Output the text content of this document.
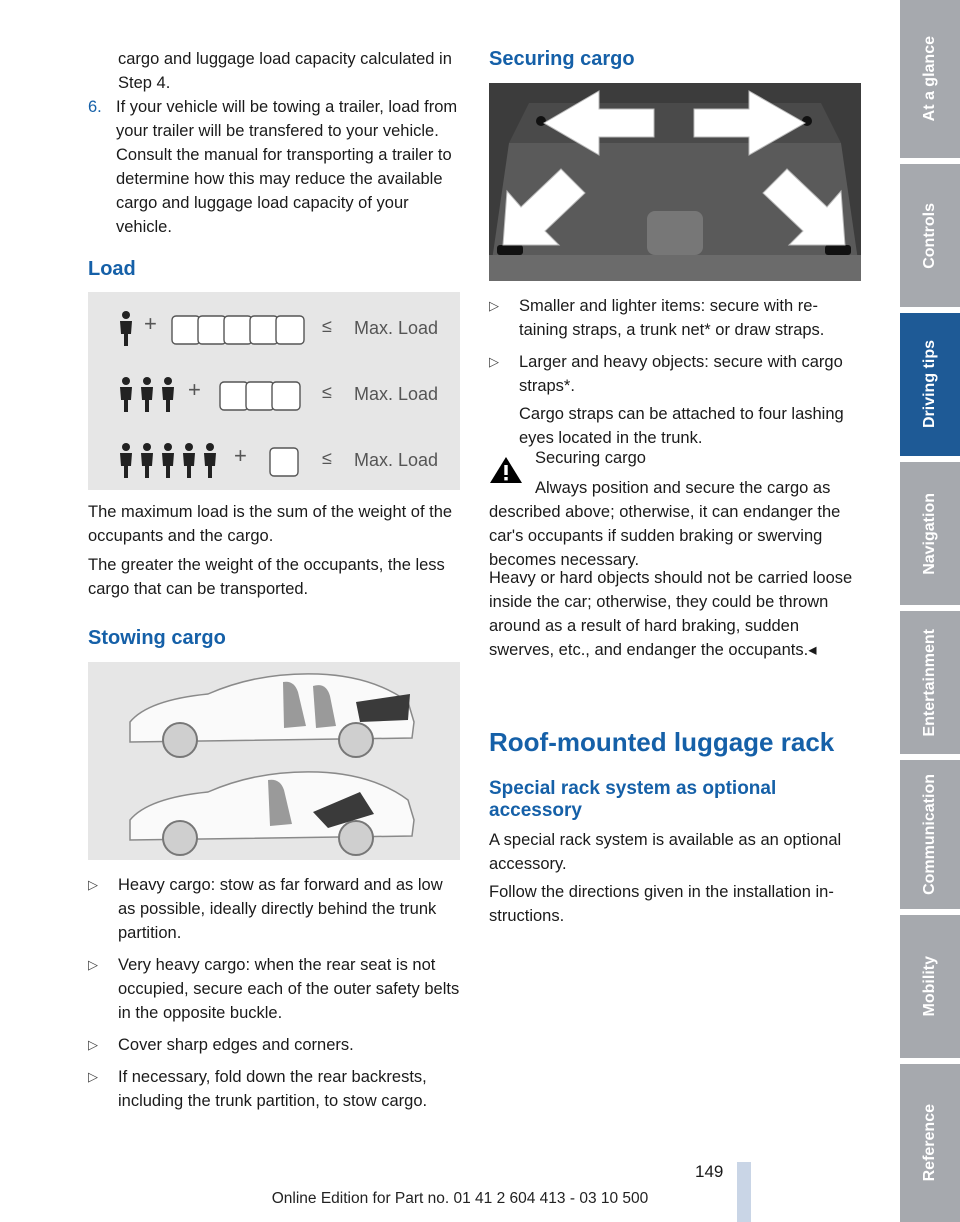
cargo and luggage load capacity calculated in Step 4.

6. If your vehicle will be towing a trailer, load from your trailer will be transfered to your vehicle. Consult the manual for transporting a trailer to determine how this may reduce the available cargo and luggage load capacity of your vehicle.
Load
+	≤ Max. Load
+	≤ Max. Load
+	≤ Max. Load

The maximum load is the sum of the weight of the occupants and the cargo.

The greater the weight of the occupants, the less cargo that can be transported.

Stowing cargo
▷	Heavy cargo: stow as far forward and as low as possible, ideally directly behind the trunk partition.
▷	Very heavy cargo: when the rear seat is not occupied, secure each of the outer safety belts in the opposite buckle.
▷	Cover sharp edges and corners.
▷	If necessary, fold down the rear backrests, including the trunk partition, to stow cargo.
Securing cargo
▷	Smaller and lighter items: secure with retaining straps, a trunk net* or draw straps.
▷	Larger and heavy objects: secure with cargo straps*.

Cargo straps can be attached to four lashing eyes located in the trunk.

Securing cargo

Always position and secure the cargo as described above; otherwise, it can endanger the car's occupants if sudden braking or swerving becomes necessary.

Heavy or hard objects should not be carried loose inside the car; otherwise, they could be thrown around as a result of hard braking, sudden swerves, etc., and endanger the occupants.◂

Roof-mounted luggage rack
Special rack system as optional accessory

A special rack system is available as an optional accessory.

Follow the directions given in the installation instructions.

At a glance
Controls
Driving tips
Navigation
Entertainment
Communication
Mobility
Reference
149
Online Edition for Part no. 01 41 2 604 413 - 03 10 500
